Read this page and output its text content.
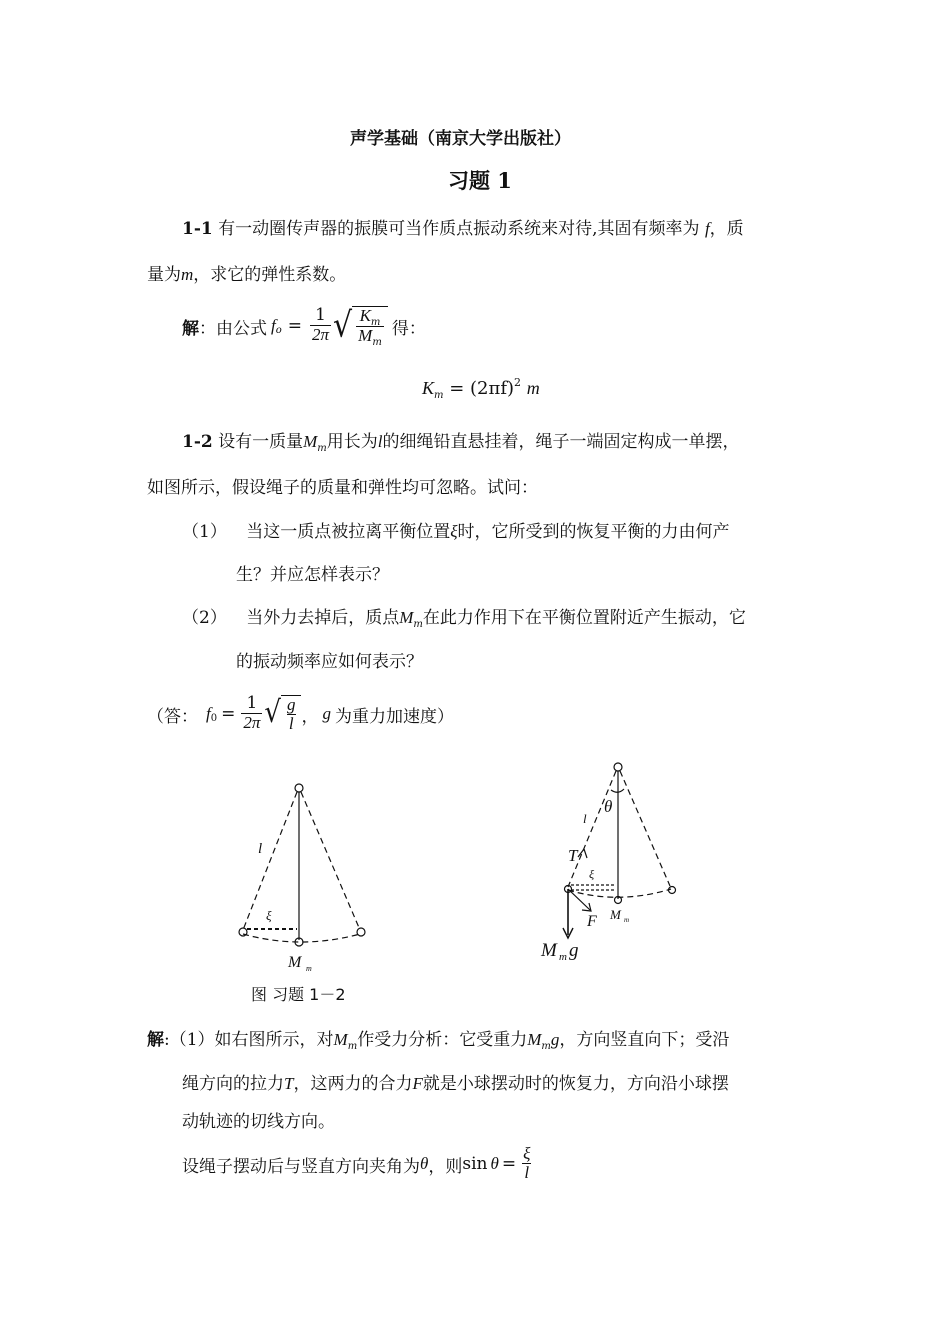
声学基础（南京大学出版社）
习题 1
1-1 有一动圈传声器的振膜可当作质点振动系统来对待,其固有频率为 f，质
量为m，求它的弹性系数。
解 ：由公式 f $o = \frac{1}{2\pi}$ √ $\frac{K_m}{M_m}$ 得：
$K_m = (2\pi f)^2$ m
1-2 设有一质量$M_m$用长为l的细绳铅直悬挂着，绳子一端固定构成一单摆，
如图所示，假设绳子的质量和弹性均可忽略。试问：
（1） 当这一质点被拉离平衡位置ξ时，它所受到的恢复平衡的力由何产
生？并应怎样表示？
（2） 当外力去掉后，质点$M_m$在此力作用下在平衡位置附近产生振动，它
的振动频率应如何表示？
（答： f $0 = \frac{1}{2\pi}$ √ $\frac{g}{l}$ ， g 为重力加速度）
l
ξ
M m
θ
l
T
ξ
F M m
M m g
图 习题 1－2
解:（1）如右图所示，对$M_m$作受力分析：它受重力$M_mg$，方向竖直向下；受沿
绳方向的拉力T，这两力的合力F就是小球摆动时的恢复力，方向沿小球摆
动轨迹的切线方向。
设绳子摆动后与竖直方向夹角为 θ ，则 $\sin \theta = \frac{\xi}{l}$
